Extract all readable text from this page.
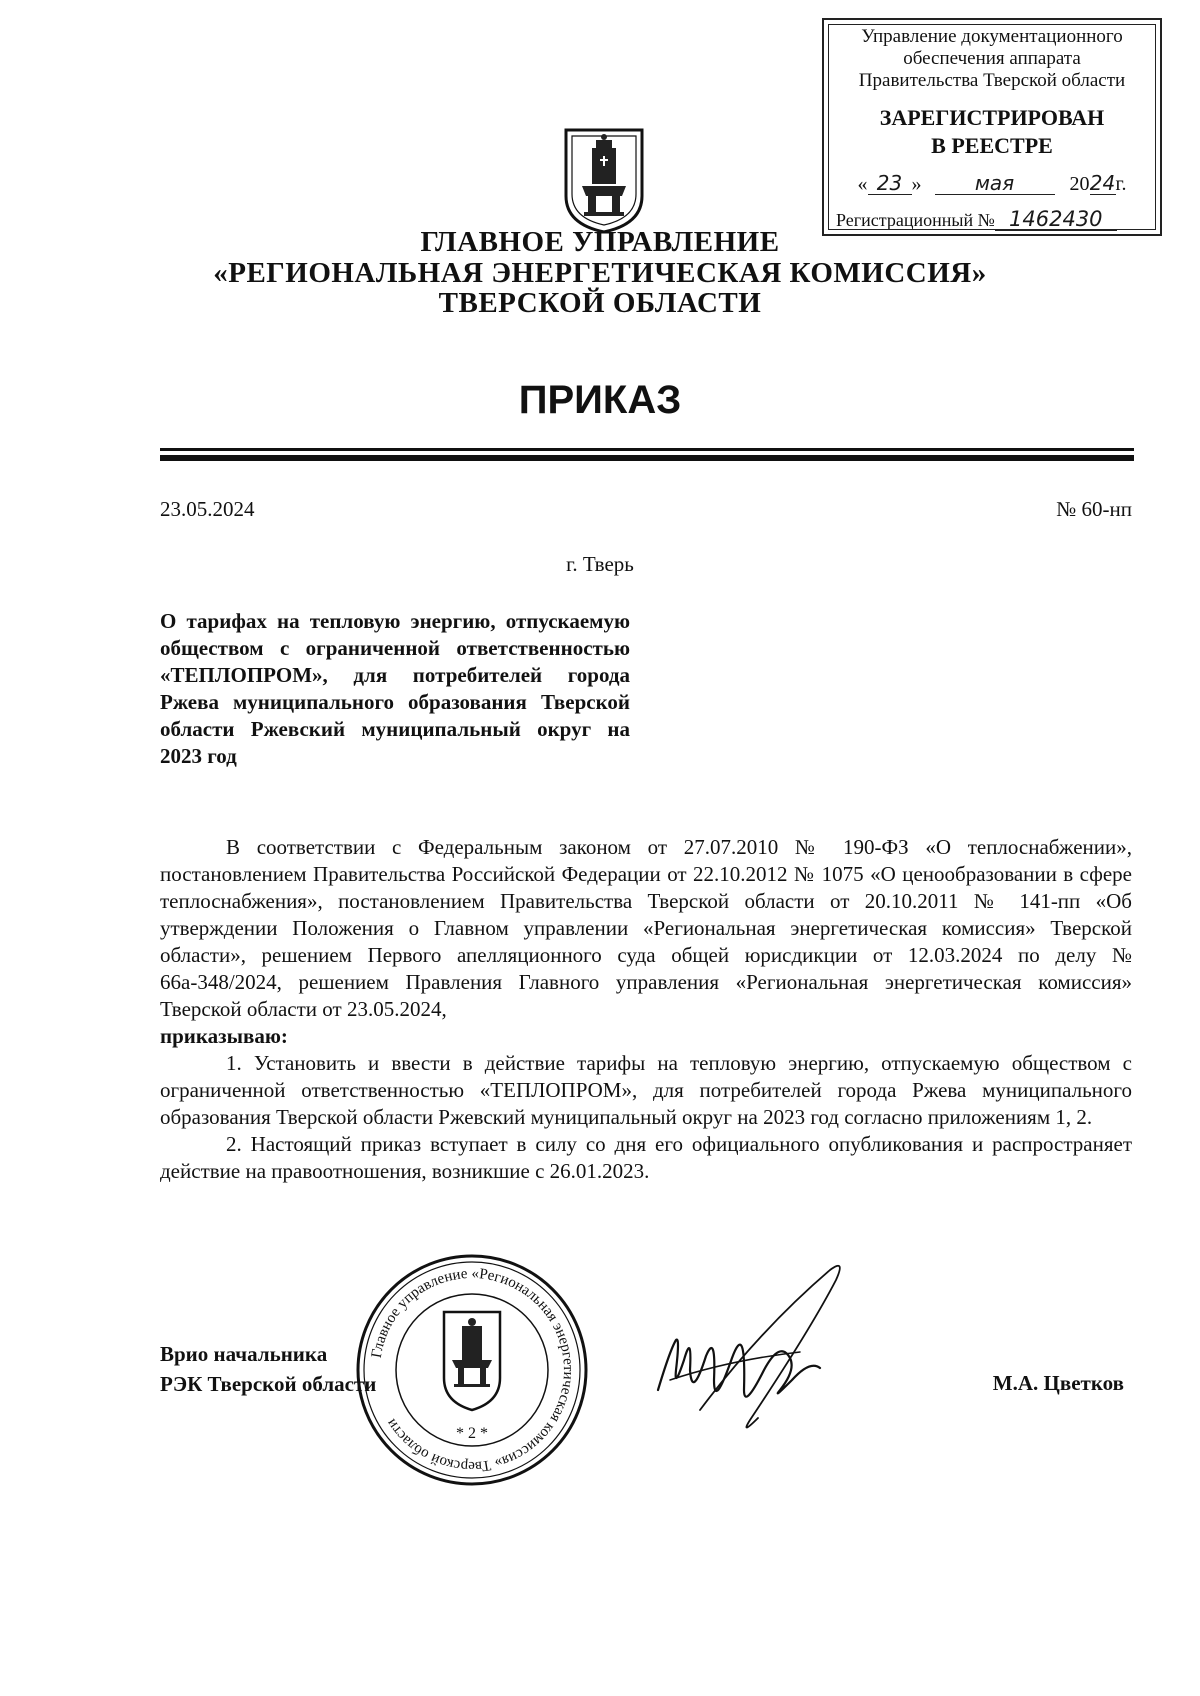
Управление документационного
обеспечения аппарата
Правительства Тверской области
ЗАРЕГИСТРИРОВАН
В РЕЕСТРЕ
« 23 »	мая	2024г.
Регистрационный № 1462430
ГЛАВНОЕ УПРАВЛЕНИЕ
«РЕГИОНАЛЬНАЯ ЭНЕРГЕТИЧЕСКАЯ КОМИССИЯ»
ТВЕРСКОЙ ОБЛАСТИ
ПРИКАЗ
23.05.2024	№ 60-нп
г. Тверь
О тарифах на тепловую энергию, отпускаемую обществом с ограниченной ответственностью «ТЕПЛОПРОМ», для потребителей города Ржева муниципального образования Тверской области Ржевский муниципальный округ на 2023 год

В соответствии с Федеральным законом от 27.07.2010 № 190-ФЗ «О теплоснабжении», постановлением Правительства Российской Федерации от 22.10.2012 № 1075 «О ценообразовании в сфере теплоснабжения», постановлением Правительства Тверской области от 20.10.2011 № 141-пп «Об утверждении Положения о Главном управлении «Региональная энергетическая комиссия» Тверской области», решением Первого апелляционного суда общей юрисдикции от 12.03.2024 по делу № 66а-348/2024, решением Правления Главного управления «Региональная энергетическая комиссия» Тверской области от 23.05.2024,

приказываю:

1. Установить и ввести в действие тарифы на тепловую энергию, отпускаемую обществом с ограниченной ответственностью «ТЕПЛОПРОМ», для потребителей города Ржева муниципального образования Тверской области Ржевский муниципальный округ на 2023 год согласно приложениям 1, 2.

2. Настоящий приказ вступает в силу со дня его официального опубликования и распространяет действие на правоотношения, возникшие с 26.01.2023.

Врио начальника
РЭК Тверской области	М.А. Цветков
Главное управление «Региональная энергетическая комиссия» Тверской области
* 2 *
